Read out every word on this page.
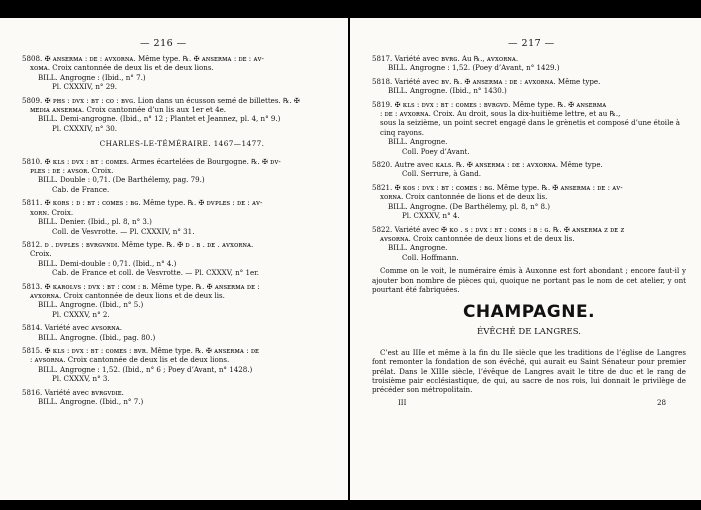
— 216 —
5808. ✠ ᴀɴsᴇʀᴍᴀ : ᴅᴇ : ᴀᴠxᴏʀɴᴀ. Même type. ℞. ✠ ᴀɴsᴇʀᴍᴀ : ᴅᴇ : ᴀᴠ-
xoᴍᴀ. Croix cantonnée de deux lis et de deux lions.
BILL. Angrogne : (Ibid., n° 7.)
Pl. CXXXIV, n° 29.
5809. ✠ ᴘʜs : ᴅᴠx : ʙᴛ : ᴄᴏ : ʙᴠɢ. Lion dans un écusson semé de billettes. ℞. ✠
ᴍᴇᴅɪᴀ ᴀɴsᴇʀᴍᴀ. Croix cantonnée d’un lis aux 1er et 4e.
BILL. Demi-angrogne. (Ibid., n° 12 ; Plantet et Jeannez, pl. 4, n° 9.)
Pl. CXXXIV, n° 30.
CHARLES-LE-TÉMÉRAIRE. 1467—1477.
5810. ✠ ᴋʟs : ᴅᴠx : ʙᴛ : ᴄᴏᴍᴇs. Armes écartelées de Bourgogne. ℞. ✠ ᴅᴠ-
ᴘʟᴇs : ᴅᴇ : ᴀᴠsᴏʀ. Croix.
BILL. Double : 0,71. (De Barthélemy, pag. 79.)
Cab. de France.
5811. ✠ ᴋᴏʀs : ᴅ : ʙᴛ : ᴄᴏᴍᴇs : ʙɢ. Même type. ℞. ✠ ᴅᴠᴘʟᴇs : ᴅᴇ : ᴀᴠ-
xᴏʀɴ. Croix.
BILL. Denier. (Ibid., pl. 8, n° 3.)
Coll. de Vesvrotte. — Pl. CXXXIV, n° 31.
5812. ᴅ . ᴅᴠᴘʟᴇs : ʙᴠʀɢᴠɴᴅɪ. Même type. ℞. ✠ ᴅ . ʙ . ᴅᴇ . ᴀᴠxᴏʀɴᴀ.
Croix.
BILL. Demi-double : 0,71. (Ibid., n° 4.)
Cab. de France et coll. de Vesvrotte. — Pl. CXXXV, n° 1er.
5813. ✠ ᴋᴀʀᴏʟᴠs : ᴅᴠx : ʙᴛ : ᴄᴏᴍ : ʙ. Même type. ℞. ✠ ᴀɴsᴇʀᴍᴀ ᴅᴇ :
ᴀᴠxᴏʀɴᴀ. Croix cantonnée de deux lions et de deux lis.
BILL. Angrogne. (Ibid., n° 5.)
Pl. CXXXV, n° 2.
5814. Variété avec ᴀᴠsᴏʀɴᴀ.
BILL. Angrogne. (Ibid., pag. 80.)
5815. ✠ ᴋʟs : ᴅᴠx : ʙᴛ : ᴄᴏᴍᴇs : ʙᴠʀ. Même type. ℞. ✠ ᴀɴsᴇʀᴍᴀ : ᴅᴇ
: ᴀᴠsᴏʀɴᴀ. Croix cantonnée de deux lis et de deux lions.
BILL. Angrogne : 1,52. (Ibid., n° 6 ; Poey d’Avant, n° 1428.)
Pl. CXXXV, n° 3.
5816. Variété avec ʙᴠʀɢᴠᴅɪᴇ.
BILL. Angrogne. (Ibid., n° 7.)
— 217 —
5817. Variété avec ʙᴠʀɢ. Au ℞., ᴀᴠxᴏʀɴᴀ.
BILL. Angrogne : 1,52. (Poey d’Avant, n° 1429.)
5818. Variété avec ʙᴠ. ℞. ✠ ᴀɴsᴇʀᴍᴀ : ᴅᴇ : ᴀᴠxᴏʀɴᴀ. Même type.
BILL. Angrogne. (Ibid., n° 1430.)
5819. ✠ ᴋʟs : ᴅᴠx : ʙᴛ : ᴄᴏᴍᴇs : ʙᴠʀɢᴠᴅ. Même type. ℞. ✠ ᴀɴsᴇʀᴍᴀ
: ᴅᴇ : ᴀᴠxᴏʀɴᴀ. Croix. Au droit, sous la dix-huitième lettre, et au ℞.,
sous la seizième, un point secret engagé dans le grènetis et composé d’une étoile à
cinq rayons.
BILL. Angrogne.
Coll. Poey d’Avant.
5820. Autre avec ᴋᴀʟs. ℞. ✠ ᴀɴsᴇʀᴍᴀ : ᴅᴇ : ᴀᴠxᴏʀɴᴀ. Même type.
Coll. Serrure, à Gand.
5821. ✠ ᴋᴏs : ᴅᴠx : ʙᴛ : ᴄᴏᴍᴇs : ʙɢ. Même type. ℞. ✠ ᴀɴsᴇʀᴍᴀ : ᴅᴇ : ᴀᴠ-
xᴏʀɴᴀ. Croix cantonnée de lions et de deux lis.
BILL. Angrogne. (De Barthélemy, pl. 8, n° 8.)
Pl. CXXXV, n° 4.
5822. Variété avec ✠ ᴋᴏ . s : ᴅᴠx : ʙᴛ : ᴄᴏᴍs : ʙ : ɢ. ℞. ✠ ᴀɴsᴇʀᴍᴀ ᴢ ᴅᴇ ᴢ
ᴀᴠsᴏʀɴᴀ. Croix cantonnée de deux lions et de deux lis.
BILL. Angrogne.
Coll. Hoffmann.
Comme on le voit, le numéraire émis à Auxonne est fort abondant ; encore faut-il y ajouter bon nombre de pièces qui, quoique ne portant pas le nom de cet atelier, y ont pourtant été fabriquées.
CHAMPAGNE.
ÉVÊCHÉ DE LANGRES.
C’est au IIIe et même à la fin du IIe siècle que les traditions de l’église de Langres font remonter la fondation de son évêché, qui aurait eu Saint Sénateur pour premier prélat. Dans le XIIIe siècle, l’évêque de Langres avait le titre de duc et le rang de troisième pair ecclésiastique, de qui, au sacre de nos rois, lui donnait le privilège de précéder son métropolitain.
III	28
